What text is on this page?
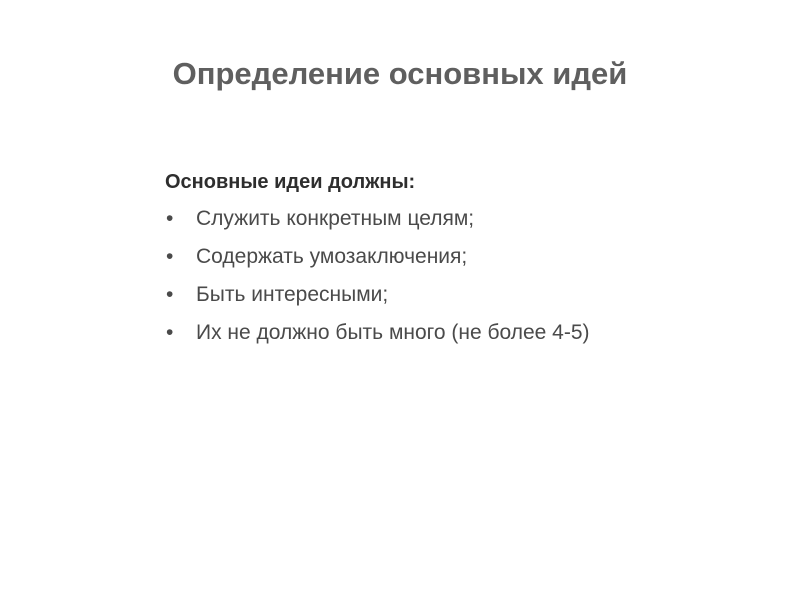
Определение основных идей
Основные идеи должны:
•	Служить конкретным целям;
•	Содержать умозаключения;
•	Быть интересными;
•	Их не должно быть много (не более 4-5)
